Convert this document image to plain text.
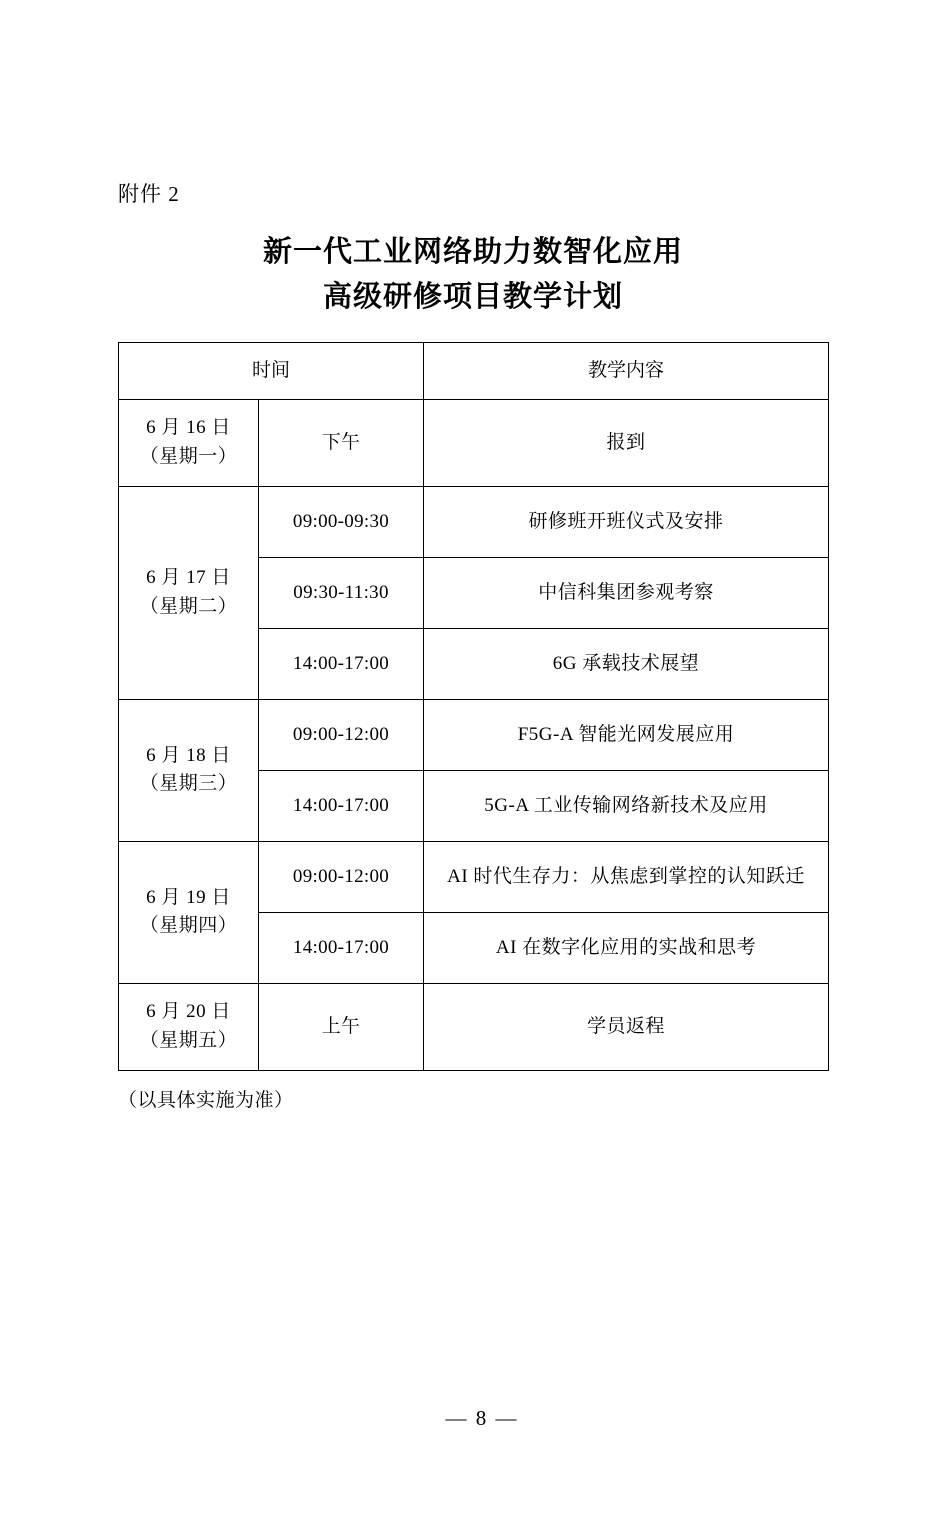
附件 2
新一代工业网络助力数智化应用
高级研修项目教学计划
时间		教学内容

6 月 16 日
（星期一）	下午	报到

6 月 17 日
（星期二）	09:00-09:30	研修班开班仪式及安排
	09:30-11:30	中信科集团参观考察
	14:00-17:00	6G 承载技术展望

6 月 18 日
（星期三）	09:00-12:00	F5G-A 智能光网发展应用
	14:00-17:00	5G-A 工业传输网络新技术及应用

6 月 19 日
（星期四）	09:00-12:00	AI 时代生存力：从焦虑到掌控的认知跃迁
	14:00-17:00	AI 在数字化应用的实战和思考

6 月 20 日
（星期五）	上午	学员返程
（以具体实施为准）
— 8 —
